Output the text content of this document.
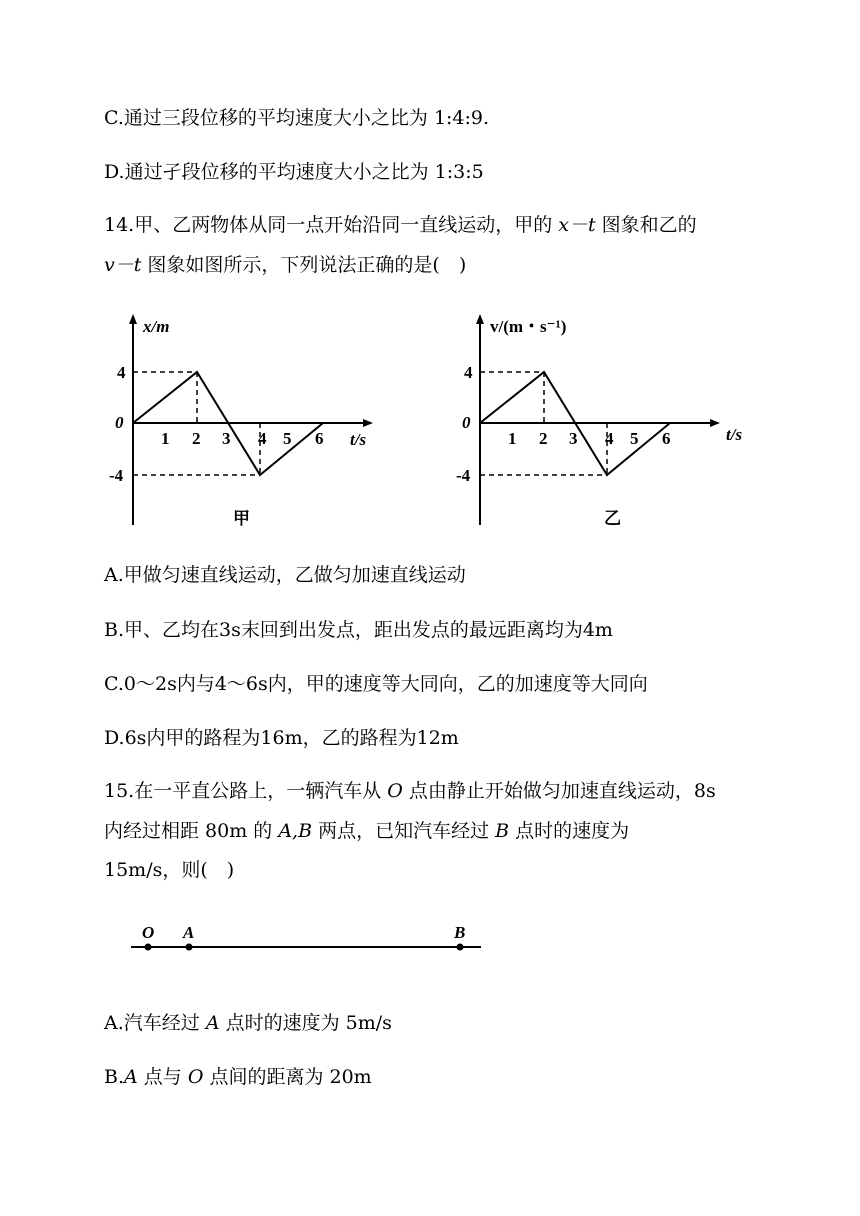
C.通过三段位移的平均速度大小之比为 1:4:9.
D.通过孑段位移的平均速度大小之比为 1:3:5
14.甲、乙两物体从同一点开始沿同一直线运动，甲的 x－t 图象和乙的
v－t 图象如图所示，下列说法正确的是(　)
x/m
t/s
0
4
-4
1 2 3 4 5 6
甲
v/(m・s⁻¹)
t/s
0
4
-4
1 2 3 4 5 6
乙
A.甲做匀速直线运动，乙做匀加速直线运动
B.甲、乙均在3s末回到出发点，距出发点的最远距离均为4m
C.0～2s内与4～6s内，甲的速度等大同向，乙的加速度等大同向
D.6s内甲的路程为16m，乙的路程为12m
15.在一平直公路上，一辆汽车从 O 点由静止开始做匀加速直线运动，8s
内经过相距 80m 的 A,B 两点，已知汽车经过 B 点时的速度为
15m/s，则(　)
O A	B
A.汽车经过 A 点时的速度为 5m/s
B.A 点与 O 点间的距离为 20m
